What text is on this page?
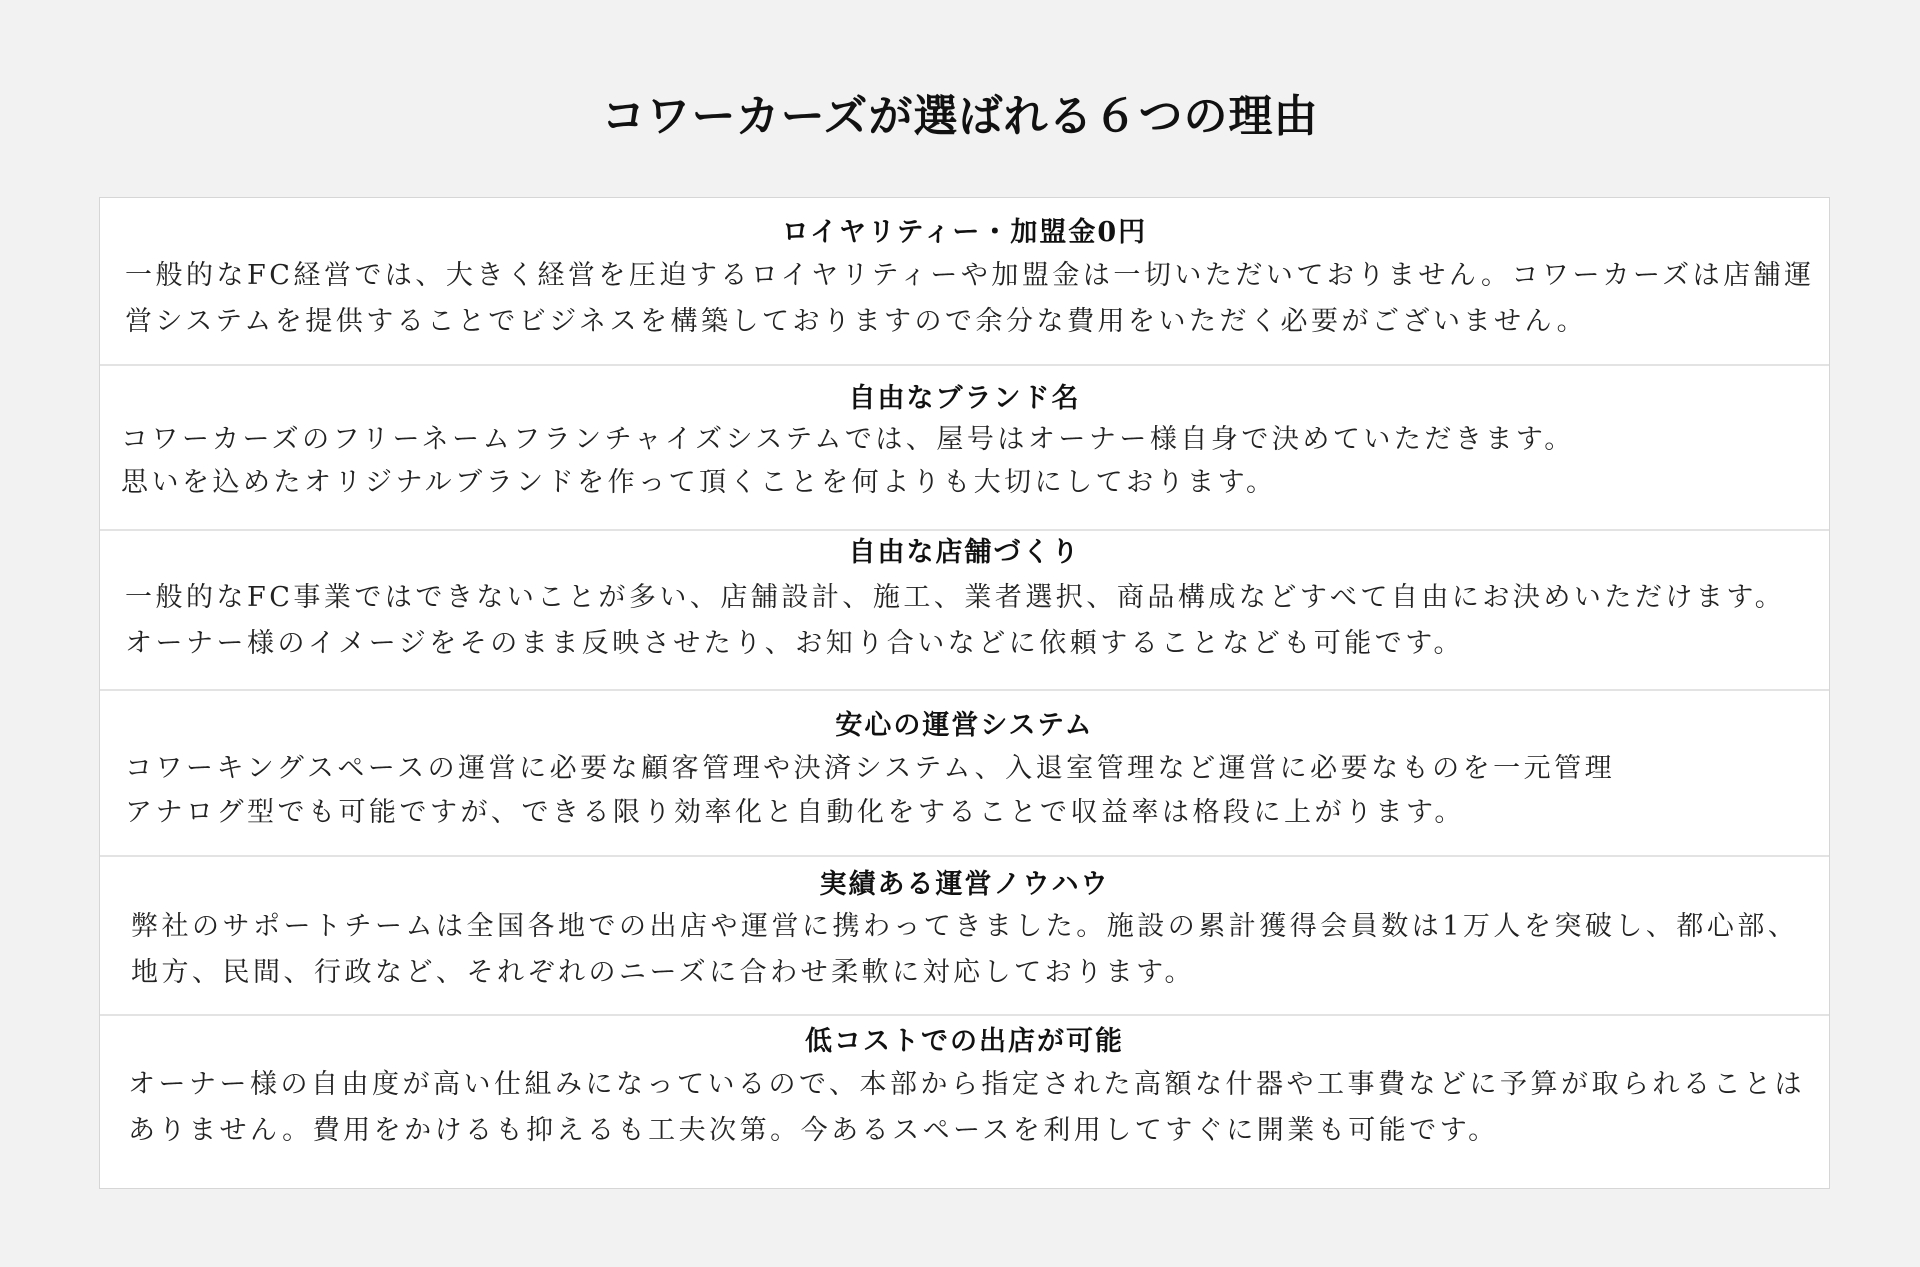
コワーカーズが選ばれる６つの理由
ロイヤリティー・加盟金0円
一般的なFC経営では、大きく経営を圧迫するロイヤリティーや加盟金は一切いただいておりません。コワーカーズは店舗運営システムを提供することでビジネスを構築しておりますので余分な費用をいただく必要がございません。
自由なブランド名
コワーカーズのフリーネームフランチャイズシステムでは、屋号はオーナー様自身で決めていただきます。
思いを込めたオリジナルブランドを作って頂くことを何よりも大切にしております。
自由な店舗づくり
一般的なFC事業ではできないことが多い、店舗設計、施工、業者選択、商品構成などすべて自由にお決めいただけます。オーナー様のイメージをそのまま反映させたり、お知り合いなどに依頼することなども可能です。
安心の運営システム
コワーキングスペースの運営に必要な顧客管理や決済システム、入退室管理など運営に必要なものを一元管理
アナログ型でも可能ですが、できる限り効率化と自動化をすることで収益率は格段に上がります。
実績ある運営ノウハウ
弊社のサポートチームは全国各地での出店や運営に携わってきました。施設の累計獲得会員数は1万人を突破し、都心部、地方、民間、行政など、それぞれのニーズに合わせ柔軟に対応しております。
低コストでの出店が可能
オーナー様の自由度が高い仕組みになっているので、本部から指定された高額な什器や工事費などに予算が取られることはありません。費用をかけるも抑えるも工夫次第。今あるスペースを利用してすぐに開業も可能です。
